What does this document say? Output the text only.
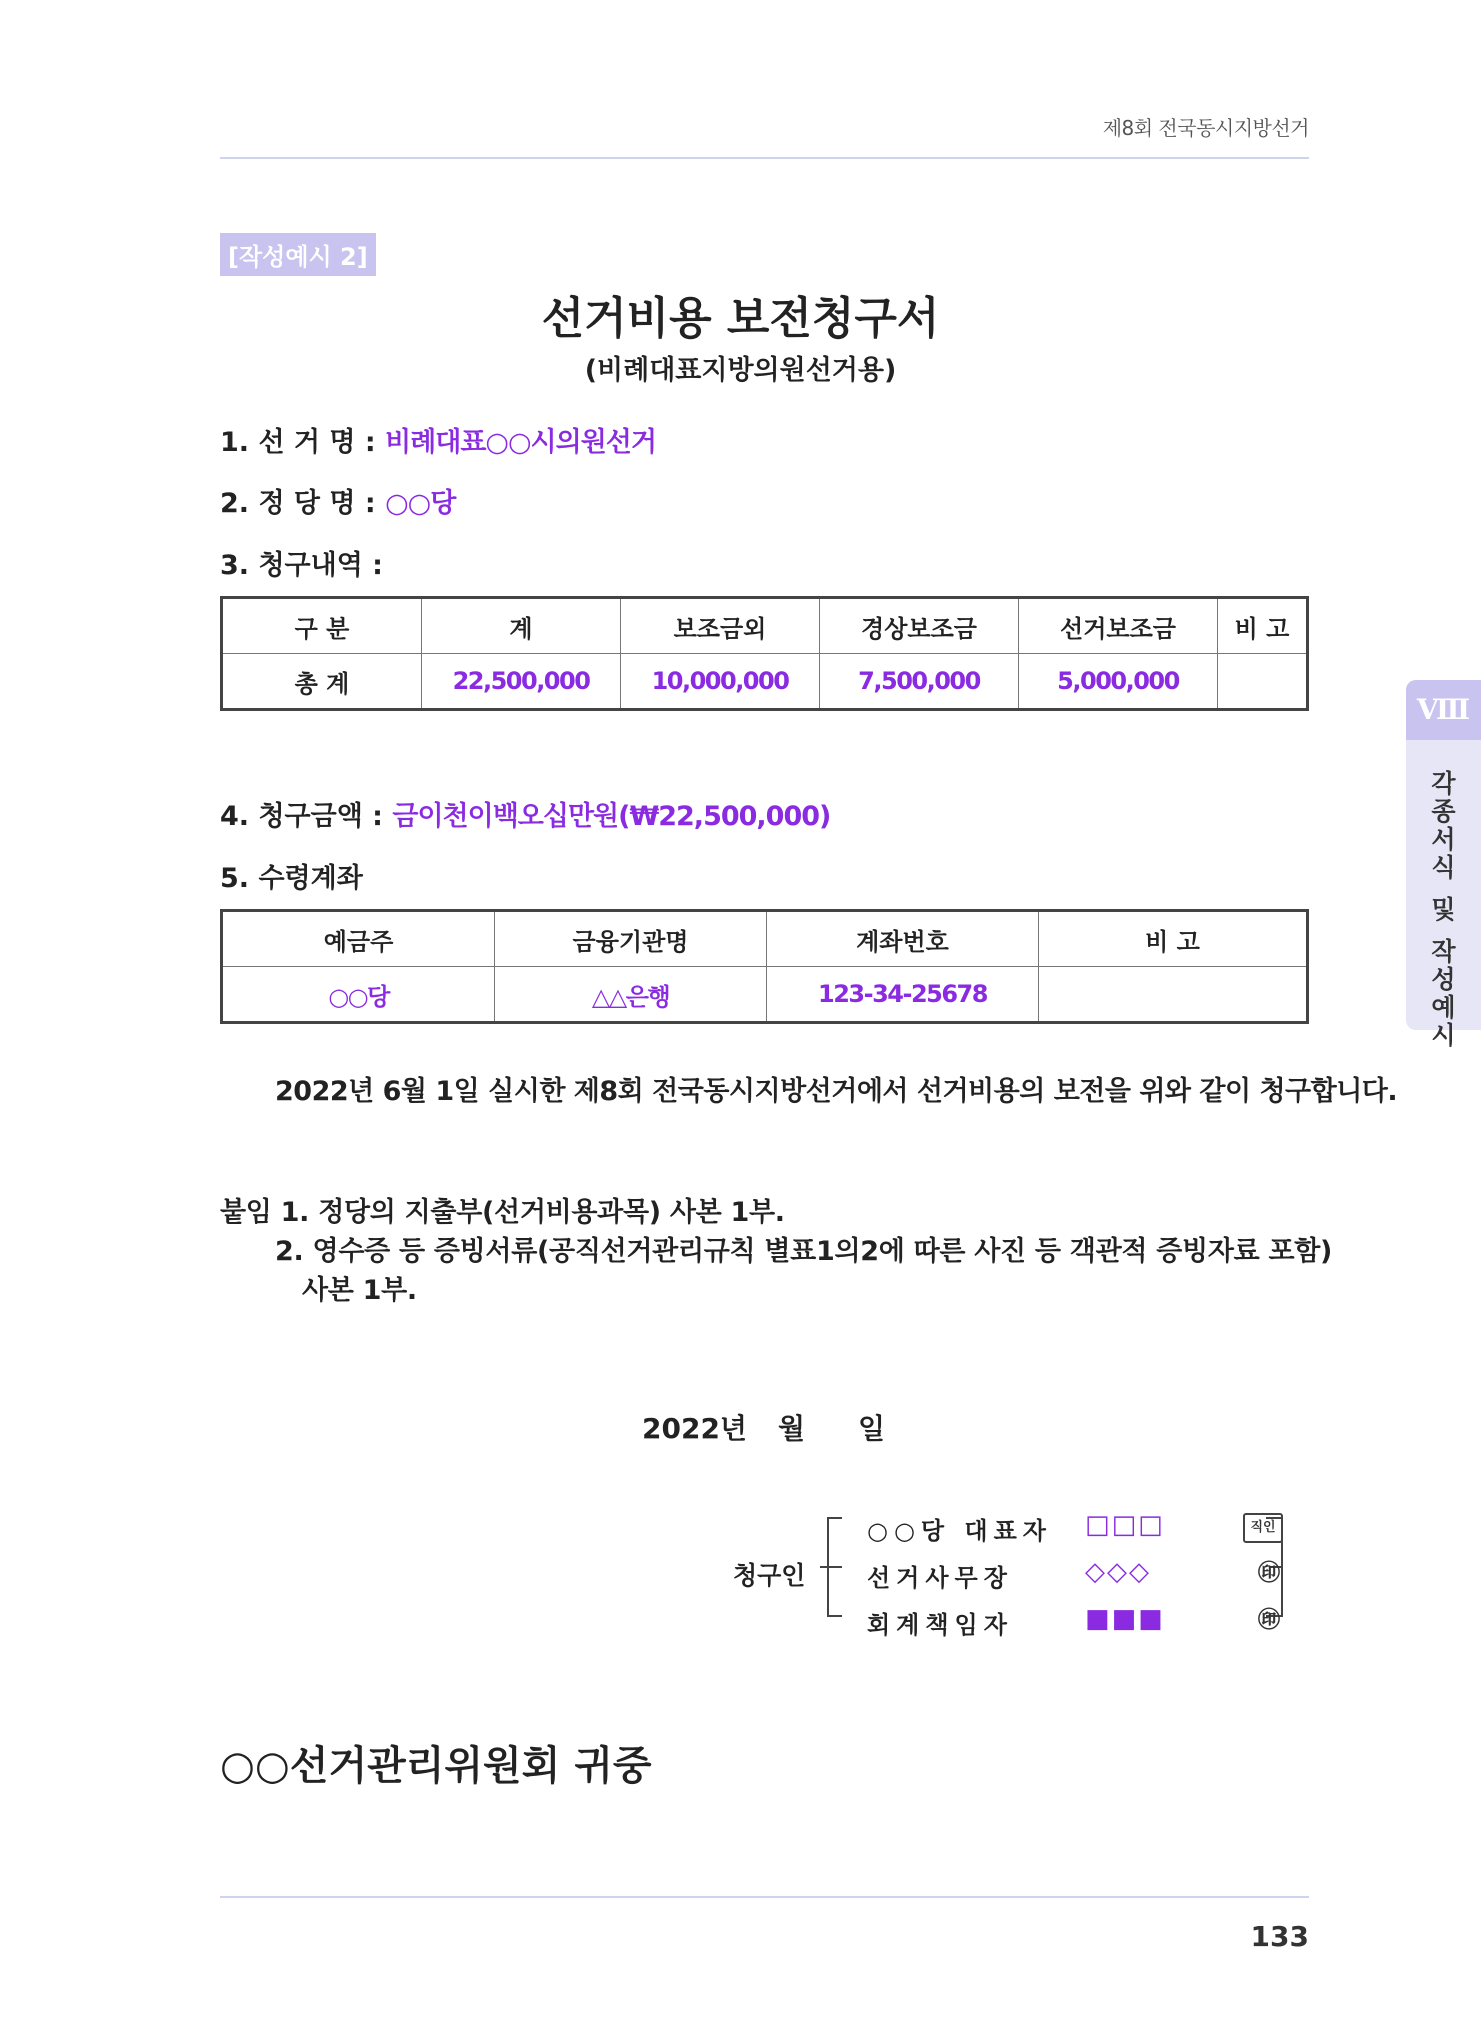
제8회 전국동시지방선거
[작성예시 2]
선거비용 보전청구서
(비례대표지방의원선거용)
1. 선 거 명 : 비례대표○○시의원선거
2. 정 당 명 : ○○당
3. 청구내역 :
구 분	계	보조금외	경상보조금	선거보조금	비 고
총 계	22,500,000	10,000,000	7,500,000	5,000,000	
4. 청구금액 : 금이천이백오십만원(₩22,500,000)
5. 수령계좌
예금주	금융기관명	계좌번호	비 고
○○당	△△은행	123-34-25678	
Ⅷ
각
종
서
식

및

작
성
예
시
2022년 6월 1일 실시한 제8회 전국동시지방선거에서 선거비용의 보전을 위와 같이 청구합니다.
붙임 1. 정당의 지출부(선거비용과목) 사본 1부.
2. 영수증 등 증빙서류(공직선거관리규칙 별표1의2에 따른 사진 등 객관적 증빙자료 포함)
사본 1부.
2022년 월 일
청구인
○○당 대표자 □□□	직인
선거사무장	◇◇◇	㊞
회계책임자	■■■	㊞
○○선거관리위원회 귀중
133
